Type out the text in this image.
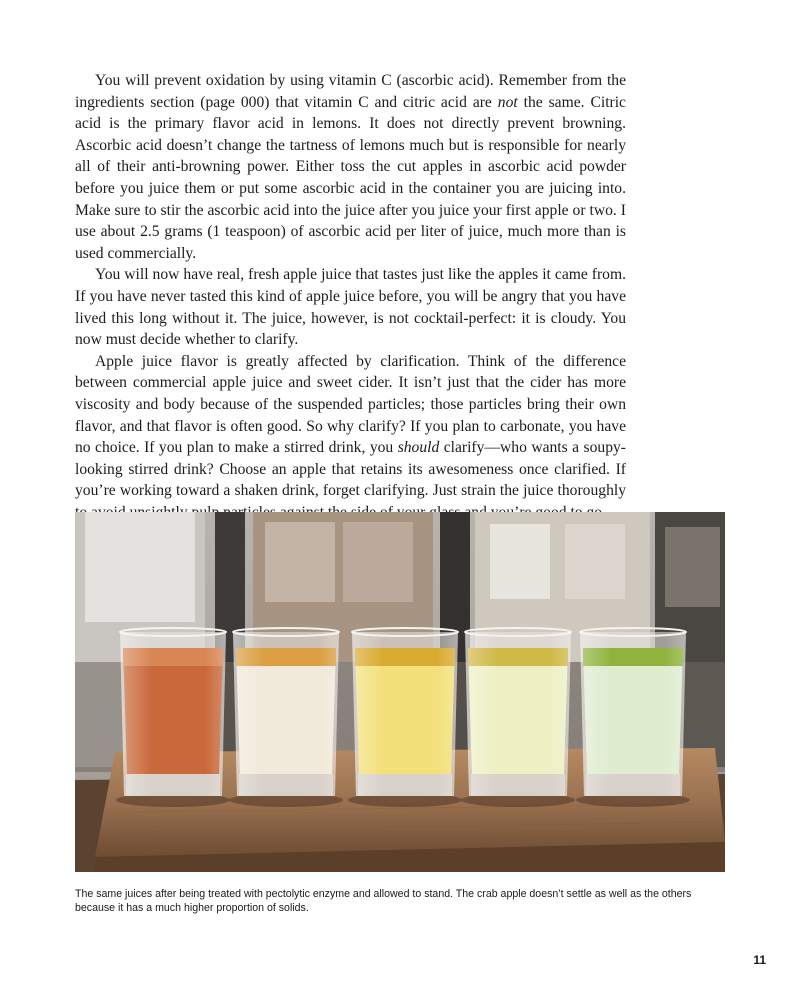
You will prevent oxidation by using vitamin C (ascorbic acid). Remember from the ingredients section (page 000) that vitamin C and citric acid are not the same. Citric acid is the primary flavor acid in lemons. It does not directly prevent browning. Ascorbic acid doesn’t change the tartness of lemons much but is responsible for nearly all of their anti-browning power. Either toss the cut apples in ascorbic acid powder before you juice them or put some ascorbic acid in the container you are juicing into. Make sure to stir the ascorbic acid into the juice after you juice your first apple or two. I use about 2.5 grams (1 teaspoon) of ascorbic acid per liter of juice, much more than is used commercially.

You will now have real, fresh apple juice that tastes just like the apples it came from. If you have never tasted this kind of apple juice before, you will be angry that you have lived this long without it. The juice, however, is not cocktail-perfect: it is cloudy. You now must decide whether to clarify.

Apple juice flavor is greatly affected by clarification. Think of the difference between commercial apple juice and sweet cider. It isn’t just that the cider has more viscosity and body because of the suspended particles; those particles bring their own flavor, and that flavor is often good. So why clarify? If you plan to carbonate, you have no choice. If you plan to make a stirred drink, you should clarify—who wants a soupy-looking stirred drink? Choose an apple that retains its awesomeness once clarified. If you’re working toward a shaken drink, forget clarifying. Just strain the juice thoroughly

The same juices after being treated with pectolytic enzyme and allowed to stand. The crab apple doesn’t settle as well as the others because it has a much higher proportion of solids.
11
